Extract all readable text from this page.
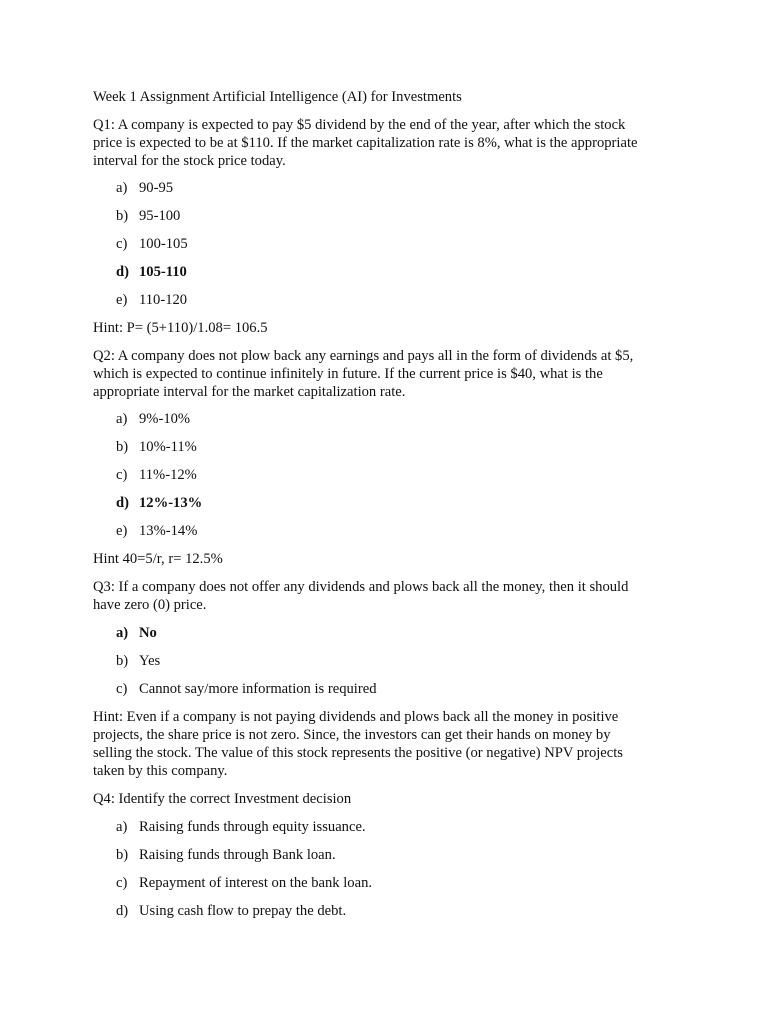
Week 1 Assignment Artificial Intelligence (AI) for Investments
Q1: A company is expected to pay $5 dividend by the end of the year, after which the stock
price is expected to be at $110. If the market capitalization rate is 8%, what is the appropriate
interval for the stock price today.
a) 90-95
b) 95-100
c) 100-105
d) 105-110
e) 110-120
Hint: P= (5+110)/1.08= 106.5
Q2: A company does not plow back any earnings and pays all in the form of dividends at $5,
which is expected to continue infinitely in future. If the current price is $40, what is the
appropriate interval for the market capitalization rate.
a) 9%-10%
b) 10%-11%
c) 11%-12%
d) 12%-13%
e) 13%-14%
Hint 40=5/r, r= 12.5%
Q3: If a company does not offer any dividends and plows back all the money, then it should
have zero (0) price.
a) No
b) Yes
c) Cannot say/more information is required
Hint: Even if a company is not paying dividends and plows back all the money in positive
projects, the share price is not zero. Since, the investors can get their hands on money by
selling the stock. The value of this stock represents the positive (or negative) NPV projects
taken by this company.
Q4: Identify the correct Investment decision
a) Raising funds through equity issuance.
b) Raising funds through Bank loan.
c) Repayment of interest on the bank loan.
d) Using cash flow to prepay the debt.
